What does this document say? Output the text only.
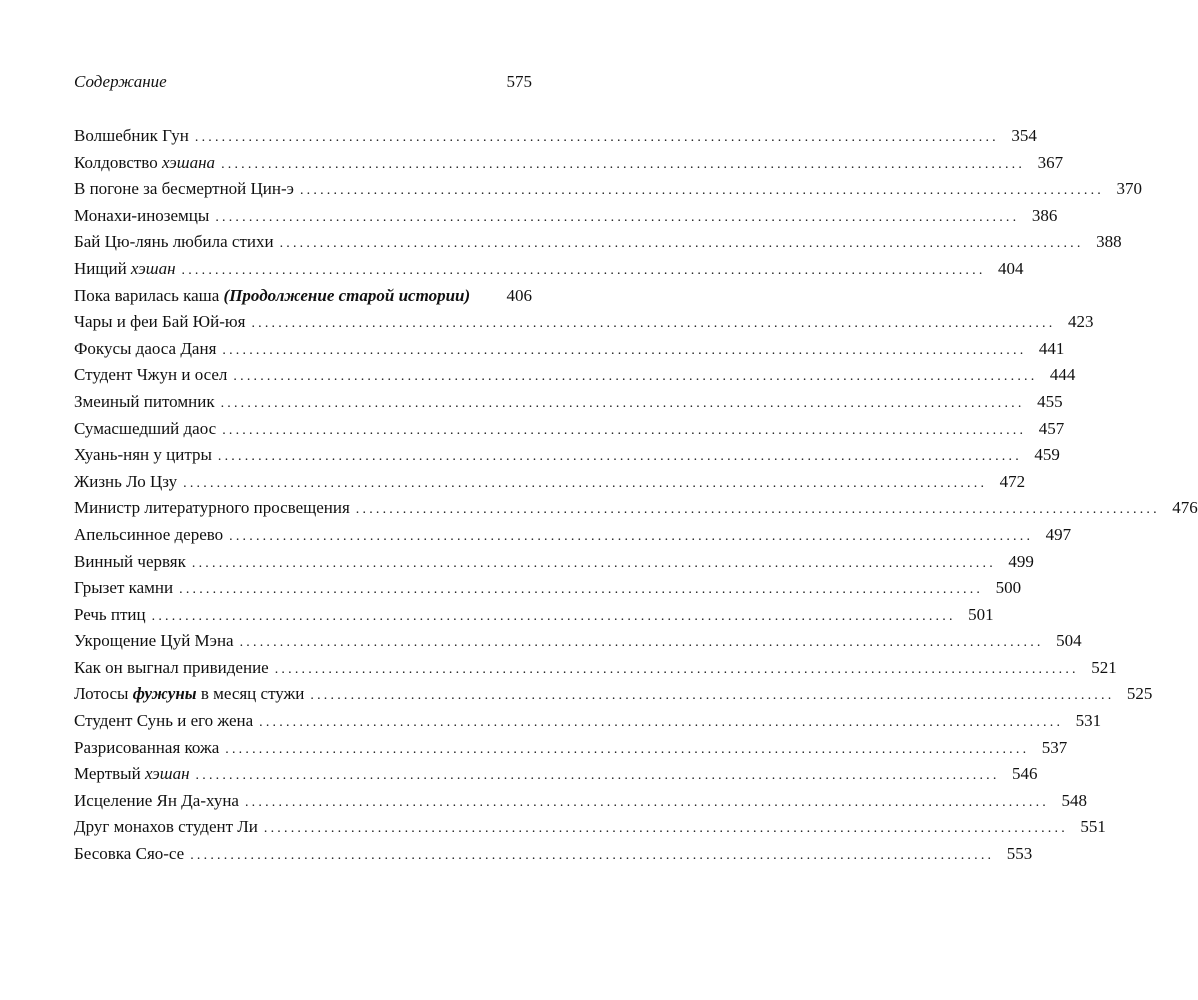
Содержание	575
Волшебник Гун ........................................................................................................................ 354
Колдовство хэшана ........................................................................................................................ 367
В погоне за бесмертной Цин-э ........................................................................................................................ 370
Монахи-иноземцы ........................................................................................................................ 386
Бай Цю-лянь любила стихи ........................................................................................................................ 388
Нищий хэшан ........................................................................................................................ 404
Пока варилась каша (Продолжение старой истории)	406
Чары и феи Бай Юй-юя ........................................................................................................................ 423
Фокусы даоса Даня ........................................................................................................................ 441
Студент Чжун и осел ........................................................................................................................ 444
Змеиный питомник ........................................................................................................................ 455
Сумасшедший даос ........................................................................................................................ 457
Хуань-нян у цитры ........................................................................................................................ 459
Жизнь Ло Цзу ........................................................................................................................ 472
Министр литературного просвещения ........................................................................................................................ 476
Апельсинное дерево ........................................................................................................................ 497
Винный червяк ........................................................................................................................ 499
Грызет камни ........................................................................................................................ 500
Речь птиц ........................................................................................................................ 501
Укрощение Цуй Мэна ........................................................................................................................ 504
Как он выгнал привидение ........................................................................................................................ 521
Лотосы фужуны в месяц стужи ........................................................................................................................ 525
Студент Сунь и его жена ........................................................................................................................ 531
Разрисованная кожа ........................................................................................................................ 537
Мертвый хэшан ........................................................................................................................ 546
Исцеление Ян Да-хуна ........................................................................................................................ 548
Друг монахов студент Ли ........................................................................................................................ 551
Бесовка Сяо-се ........................................................................................................................ 553
